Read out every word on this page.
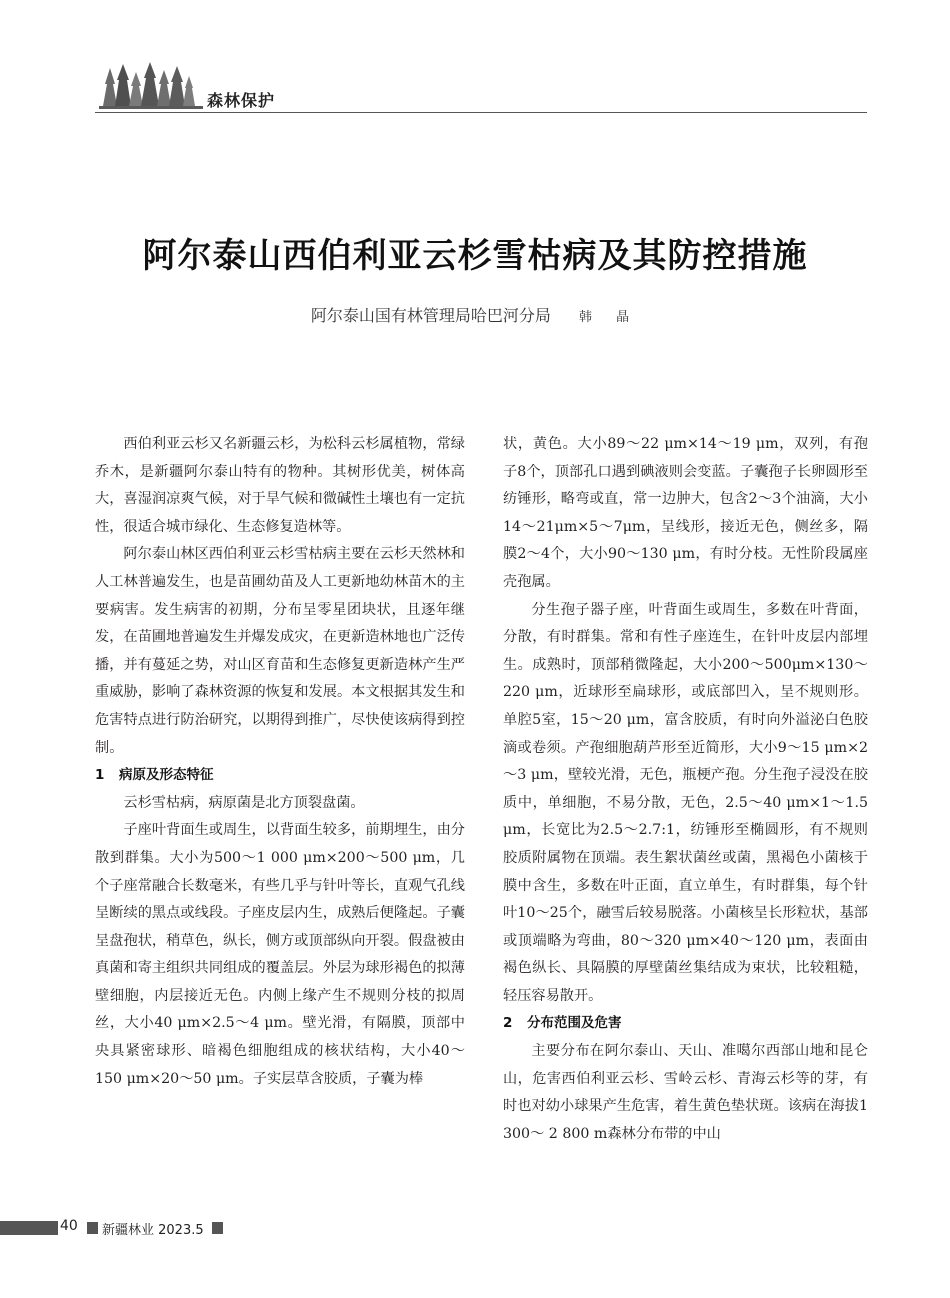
森林保护
阿尔泰山西伯利亚云杉雪枯病及其防控措施
阿尔泰山国有林管理局哈巴河分局 韩 晶

西伯利亚云杉又名新疆云杉，为松科云杉属植物，常绿乔木，是新疆阿尔泰山特有的物种。其树形优美，树体高大，喜湿润凉爽气候，对于旱气候和微碱性土壤也有一定抗性，很适合城市绿化、生态修复造林等。

阿尔泰山林区西伯利亚云杉雪枯病主要在云杉天然林和人工林普遍发生，也是苗圃幼苗及人工更新地幼林苗木的主要病害。发生病害的初期，分布呈零星团块状，且逐年继发，在苗圃地普遍发生并爆发成灾，在更新造林地也广泛传播，并有蔓延之势，对山区育苗和生态修复更新造林产生严重威胁，影响了森林资源的恢复和发展。本文根据其发生和危害特点进行防治研究，以期得到推广，尽快使该病得到控制。

1 病原及形态特征

云杉雪枯病，病原菌是北方顶裂盘菌。

子座叶背面生或周生，以背面生较多，前期埋生，由分散到群集。大小为500～1 000 μm×200～500 μm，几个子座常融合长数毫米，有些几乎与针叶等长，直观气孔线呈断续的黑点或线段。子座皮层内生，成熟后便隆起。子囊呈盘孢状，稍草色，纵长，侧方或顶部纵向开裂。假盘被由真菌和寄主组织共同组成的覆盖层。外层为球形褐色的拟薄壁细胞，内层接近无色。内侧上缘产生不规则分枝的拟周丝，大小40 μm×2.5～4 μm。壁光滑，有隔膜，顶部中央具紧密球形、暗褐色细胞组成的核状结构，大小40～150 μm×20～50 μm。子实层草含胶质，子囊为棒

状，黄色。大小89～22 μm×14～19 μm，双列，有孢子8个，顶部孔口遇到碘液则会变蓝。子囊孢子长卵圆形至纺锤形，略弯或直，常一边肿大，包含2～3个油滴，大小14～21μm×5～7μm，呈线形，接近无色，侧丝多，隔膜2～4个，大小90～130 μm，有时分枝。无性阶段属座壳孢属。

分生孢子器子座，叶背面生或周生，多数在叶背面，分散，有时群集。常和有性子座连生，在针叶皮层内部埋生。成熟时，顶部稍微隆起，大小200～500μm×130～220 μm，近球形至扁球形，或底部凹入，呈不规则形。单腔5室，15～20 μm，富含胶质，有时向外溢泌白色胶滴或卷须。产孢细胞葫芦形至近简形，大小9～15 μm×2～3 μm，壁较光滑，无色，瓶梗产孢。分生孢子浸没在胶质中，单细胞，不易分散，无色，2.5～40 μm×1～1.5 μm，长宽比为2.5～2.7:1，纺锤形至椭圆形，有不规则胶质附属物在顶端。表生絮状菌丝或菌，黑褐色小菌核于膜中含生，多数在叶正面，直立单生，有时群集，每个针叶10～25个，融雪后较易脱落。小菌核呈长形粒状，基部或顶端略为弯曲，80～320 μm×40～120 μm，表面由褐色纵长、具隔膜的厚壁菌丝集结成为束状，比较粗糙，轻压容易散开。

2 分布范围及危害

主要分布在阿尔泰山、天山、准噶尔西部山地和昆仑山，危害西伯利亚云杉、雪岭云杉、青海云杉等的芽，有时也对幼小球果产生危害，着生黄色垫状斑。该病在海拔1 300～ 2 800 m森林分布带的中山

40 新疆林业 2023.5
